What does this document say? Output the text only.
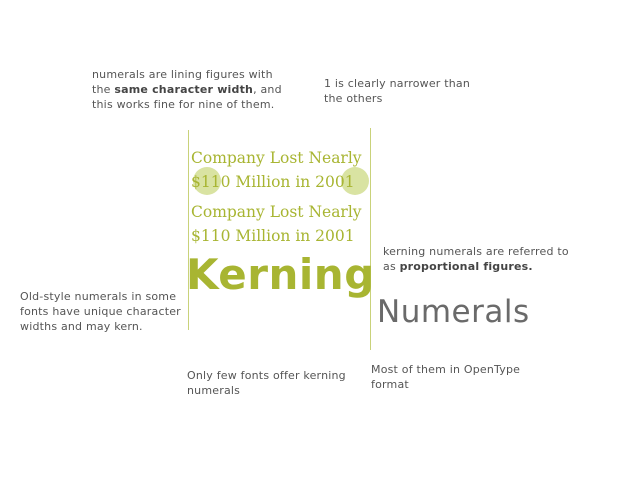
numerals are lining figures with
the same character width, and
this works fine for nine of them.
1 is clearly narrower than
the others
Company Lost Nearly
$110 Million in 2001
Company Lost Nearly
$110 Million in 2001
kerning numerals are referred to
as proportional figures.
Old-style numerals in some
fonts have unique character
widths and may kern.
Kerning
Numerals
Only few fonts offer kerning
numerals
Most of them in OpenType
format
